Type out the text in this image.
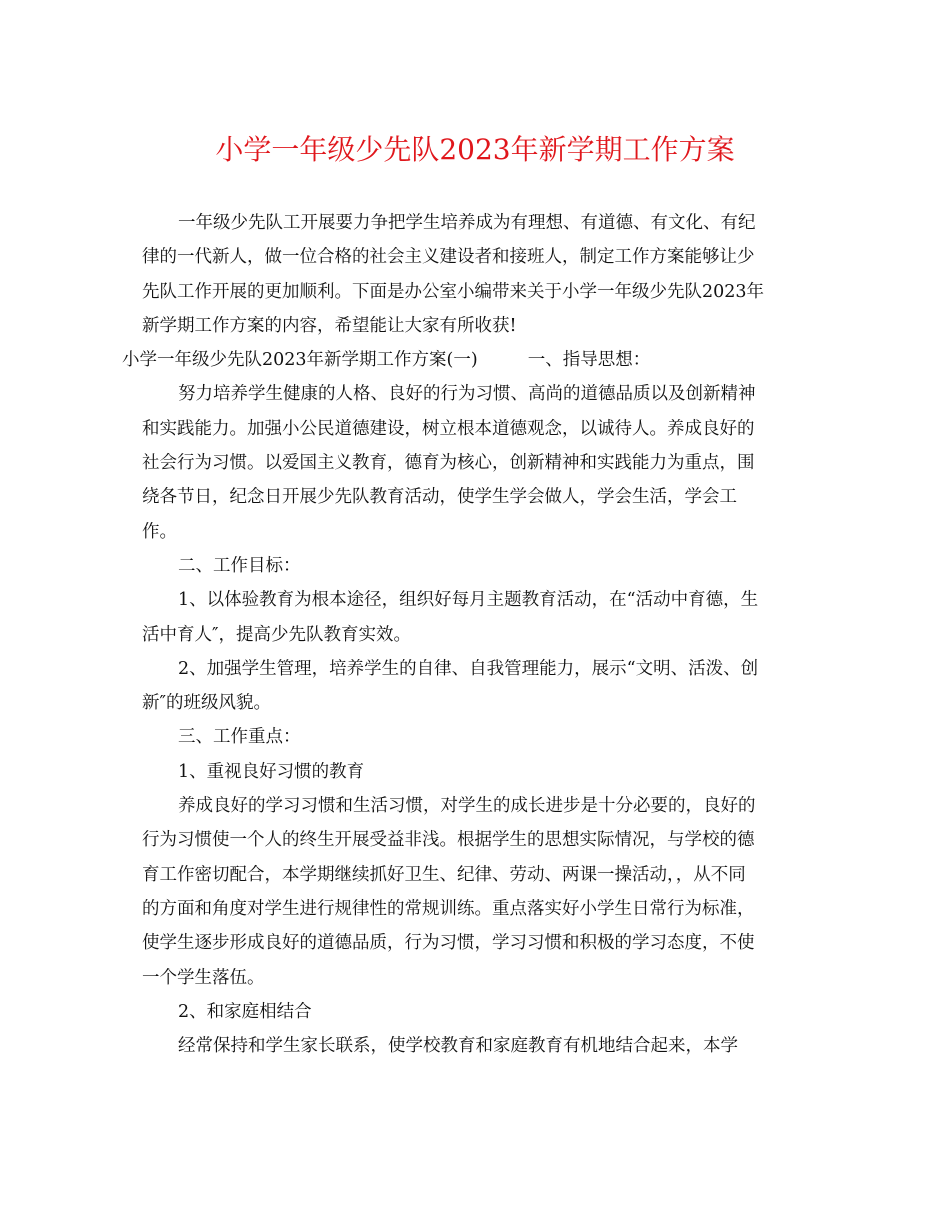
小学一年级少先队2023年新学期工作方案

一年级少先队工开展要力争把学生培养成为有理想、有道德、有文化、有纪
律的一代新人，做一位合格的社会主义建设者和接班人，制定工作方案能够让少
先队工作开展的更加顺利。下面是办公室小编带来关于小学一年级少先队2023年
新学期工作方案的内容，希望能让大家有所收获!

小学一年级少先队2023年新学期工作方案(一)	一、指导思想：

努力培养学生健康的人格、良好的行为习惯、高尚的道德品质以及创新精神
和实践能力。加强小公民道德建设，树立根本道德观念，以诚待人。养成良好的
社会行为习惯。以爱国主义教育，德育为核心，创新精神和实践能力为重点，围
绕各节日，纪念日开展少先队教育活动，使学生学会做人，学会生活，学会工
作。

二、工作目标：

1、以体验教育为根本途径，组织好每月主题教育活动，在“活动中育德，生
活中育人″，提高少先队教育实效。

2、加强学生管理，培养学生的自律、自我管理能力，展示“文明、活泼、创
新″的班级风貌。

三、工作重点：

1、重视良好习惯的教育

养成良好的学习习惯和生活习惯，对学生的成长进步是十分必要的，良好的
行为习惯使一个人的终生开展受益非浅。根据学生的思想实际情况，与学校的德
育工作密切配合，本学期继续抓好卫生、纪律、劳动、两课一操活动，，从不同
的方面和角度对学生进行规律性的常规训练。重点落实好小学生日常行为标准，
使学生逐步形成良好的道德品质，行为习惯，学习习惯和积极的学习态度，不使
一个学生落伍。

2、和家庭相结合

经常保持和学生家长联系，使学校教育和家庭教育有机地结合起来，本学
